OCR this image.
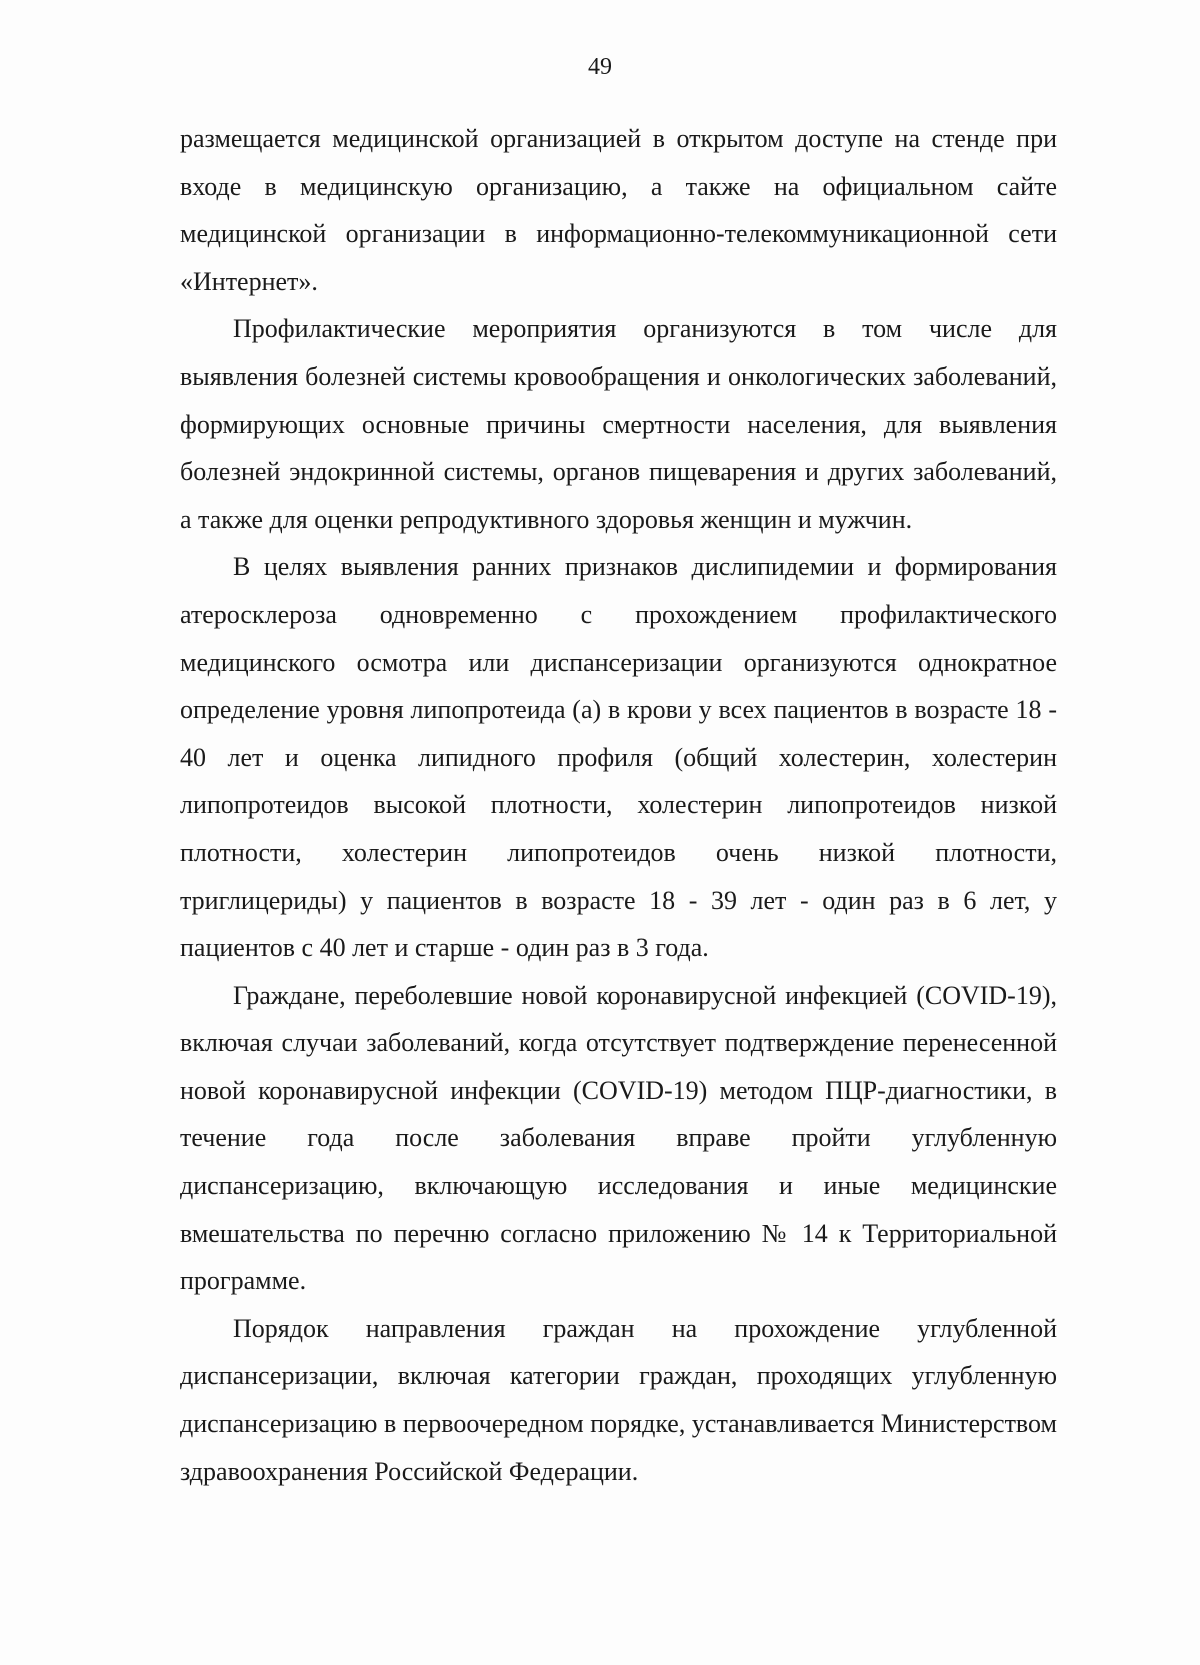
49

размещается медицинской организацией в открытом доступе на стенде при входе в медицинскую организацию, а также на официальном сайте медицинской организации в информационно-телекоммуникационной сети «Интернет».

Профилактические мероприятия организуются в том числе для выявления болезней системы кровообращения и онкологических заболеваний, формирующих основные причины смертности населения, для выявления болезней эндокринной системы, органов пищеварения и других заболеваний, а также для оценки репродуктивного здоровья женщин и мужчин.

В целях выявления ранних признаков дислипидемии и формирования атеросклероза одновременно с прохождением профилактического медицинского осмотра или диспансеризации организуются однократное определение уровня липопротеида (а) в крови у всех пациентов в возрасте 18 - 40 лет и оценка липидного профиля (общий холестерин, холестерин липопротеидов высокой плотности, холестерин липопротеидов низкой плотности, холестерин липопротеидов очень низкой плотности, триглицериды) у пациентов в возрасте 18 - 39 лет - один раз в 6 лет, у пациентов с 40 лет и старше - один раз в 3 года.

Граждане, переболевшие новой коронавирусной инфекцией (COVID-19), включая случаи заболеваний, когда отсутствует подтверждение перенесенной новой коронавирусной инфекции (COVID-19) методом ПЦР-диагностики, в течение года после заболевания вправе пройти углубленную диспансеризацию, включающую исследования и иные медицинские вмешательства по перечню согласно приложению № 14 к Территориальной программе.

Порядок направления граждан на прохождение углубленной диспансеризации, включая категории граждан, проходящих углубленную диспансеризацию в первоочередном порядке, устанавливается Министерством здравоохранения Российской Федерации.
